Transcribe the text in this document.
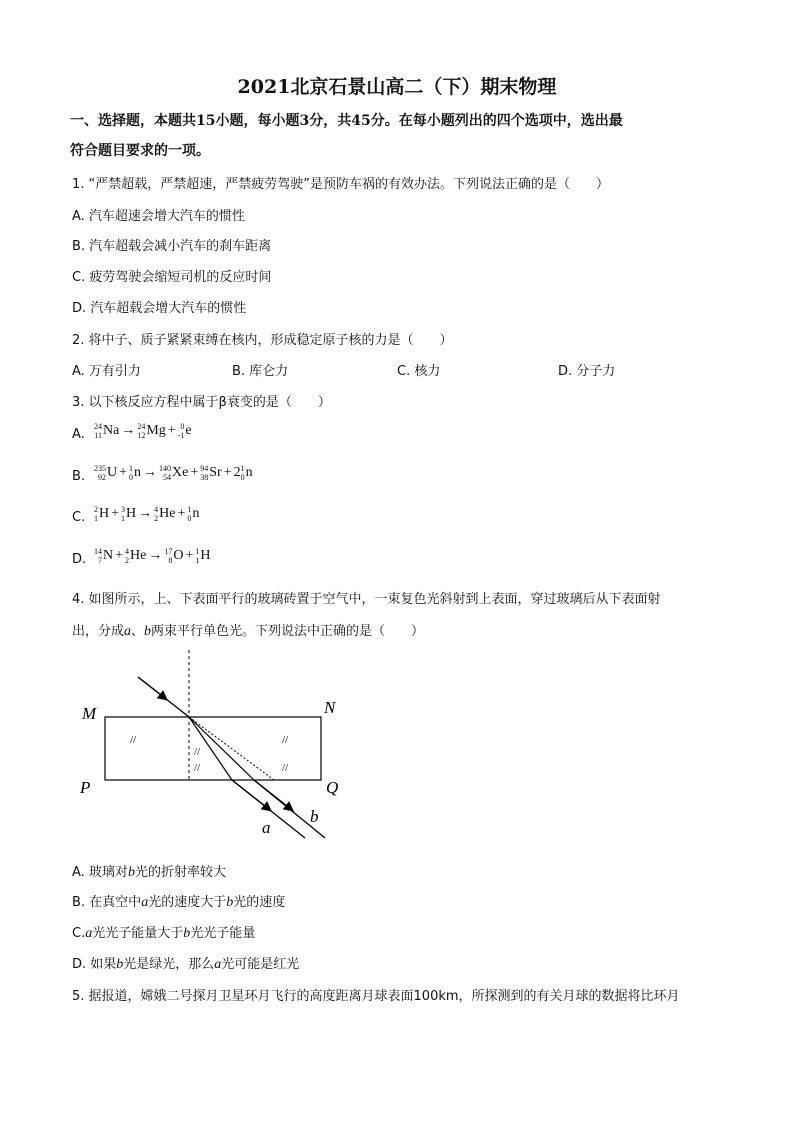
2021北京石景山高二（下）期末物理
一、选择题，本题共15小题，每小题3分，共45分。在每小题列出的四个选项中，选出最
符合题目要求的一项。
1. “严禁超载，严禁超速，严禁疲劳驾驶”是预防车祸的有效办法。下列说法正确的是（　　）
A. 汽车超速会增大汽车的惯性
B. 汽车超载会减小汽车的刹车距离
C. 疲劳驾驶会缩短司机的反应时间
D. 汽车超载会增大汽车的惯性
2. 将中子、质子紧紧束缚在核内，形成稳定原子核的力是（　　）
A. 万有引力	B. 库仑力	C. 核力	D. 分子力
3. 以下核反应方程中属于β衰变的是（　　）
A.
24
11 Na → 24
12 Mg + 0
-1 e
B.
235
92 U + 1
0 n → 140
54 Xe + 94
38 Sr + 2 1
0 n
C.
2
1 H + 3
1 H → 4
2 He + 1
0 n
D.
14
7 N + 4
2 He → 17
8 O + 1
1 H
4. 如图所示，上、下表面平行的玻璃砖置于空气中，一束复色光斜射到上表面，穿过玻璃后从下表面射
出，分成a、b两束平行单色光。下列说法中正确的是（　　）
//	//
//
//
//
M	N
P	Q
a
b
A. 玻璃对b光的折射率较大
B. 在真空中a光的速度大于b光的速度
C.a光光子能量大于b光光子能量
D. 如果b光是绿光，那么a光可能是红光
5. 据报道，嫦娥二号探月卫星环月飞行的高度距离月球表面100km，所探测到的有关月球的数据将比环月
